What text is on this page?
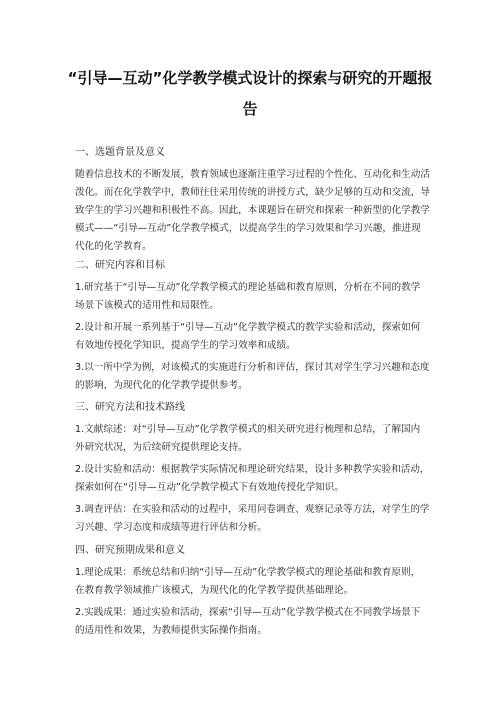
“引导—互动”化学教学模式设计的探索与研究的开题报
告
一、选题背景及意义
随着信息技术的不断发展，教育领域也逐渐注重学习过程的个性化、互动化和生动活
泼化。而在化学教学中，教师往往采用传统的讲授方式，缺少足够的互动和交流，导
致学生的学习兴趣和积极性不高。因此，本课题旨在研究和探索一种新型的化学教学
模式——“引导—互动”化学教学模式，以提高学生的学习效果和学习兴趣，推进现
代化的化学教育。
二、研究内容和目标
1.研究基于“引导—互动”化学教学模式的理论基础和教育原则，分析在不同的教学
场景下该模式的适用性和局限性。
2.设计和开展一系列基于“引导—互动”化学教学模式的教学实验和活动，探索如何
有效地传授化学知识，提高学生的学习效率和成绩。
3.以一所中学为例，对该模式的实施进行分析和评估，探讨其对学生学习兴趣和态度
的影响，为现代化的化学教学提供参考。
三、研究方法和技术路线
1.文献综述：对“引导—互动”化学教学模式的相关研究进行梳理和总结，了解国内
外研究状况，为后续研究提供理论支持。
2.设计实验和活动：根据教学实际情况和理论研究结果，设计多种教学实验和活动，
探索如何在“引导—互动”化学教学模式下有效地传授化学知识。
3.调查评估：在实验和活动的过程中，采用问卷调查、观察记录等方法，对学生的学
习兴趣、学习态度和成绩等进行评估和分析。
四、研究预期成果和意义
1.理论成果：系统总结和归纳“引导—互动”化学教学模式的理论基础和教育原则，
在教育教学领域推广该模式，为现代化的化学教学提供基础理论。
2.实践成果：通过实验和活动，探索“引导—互动”化学教学模式在不同教学场景下
的适用性和效果，为教师提供实际操作指南。
